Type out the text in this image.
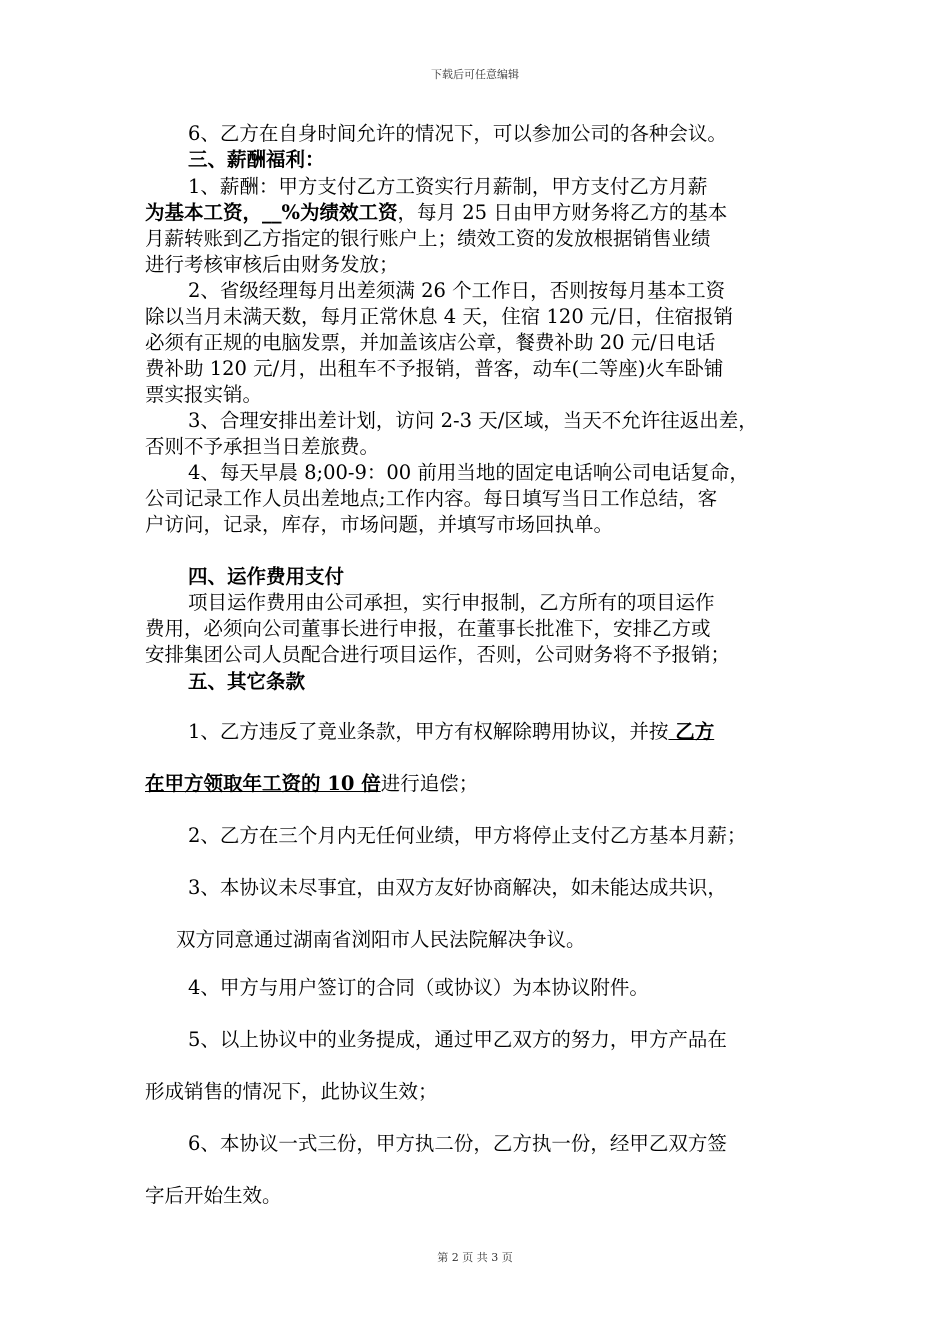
下载后可任意编辑
6、乙方在自身时间允许的情况下，可以参加公司的各种会议。
三、薪酬福利：
1、薪酬：甲方支付乙方工资实行月薪制，甲方支付乙方月薪
为基本工资，__%为绩效工资，每月 25 日由甲方财务将乙方的基本
月薪转账到乙方指定的银行账户上；绩效工资的发放根据销售业绩
进行考核审核后由财务发放；
2、省级经理每月出差须满 26 个工作日，否则按每月基本工资
除以当月未满天数，每月正常休息 4 天，住宿 120 元/日，住宿报销
必须有正规的电脑发票，并加盖该店公章，餐费补助 20 元/日电话
费补助 120 元/月，出租车不予报销，普客，动车(二等座)火车卧铺
票实报实销。
3、合理安排出差计划，访问 2-3 天/区域，当天不允许往返出差，
否则不予承担当日差旅费。
4、每天早晨 8;00-9：00 前用当地的固定电话响公司电话复命，
公司记录工作人员出差地点;工作内容。每日填写当日工作总结，客
户访问，记录，库存，市场问题，并填写市场回执单。
四、运作费用支付
项目运作费用由公司承担，实行申报制，乙方所有的项目运作
费用，必须向公司董事长进行申报，在董事长批准下，安排乙方或
安排集团公司人员配合进行项目运作，否则，公司财务将不予报销；
五、其它条款
1、乙方违反了竟业条款，甲方有权解除聘用协议，并按 乙方
在甲方领取年工资的 10 倍进行追偿；
2、乙方在三个月内无任何业绩，甲方将停止支付乙方基本月薪；
3、本协议未尽事宜，由双方友好协商解决，如未能达成共识，
双方同意通过湖南省浏阳市人民法院解决争议。
4、甲方与用户签订的合同（或协议）为本协议附件。
5、以上协议中的业务提成，通过甲乙双方的努力，甲方产品在
形成销售的情况下，此协议生效；
6、本协议一式三份，甲方执二份，乙方执一份，经甲乙双方签
字后开始生效。
第 2 页 共 3 页
